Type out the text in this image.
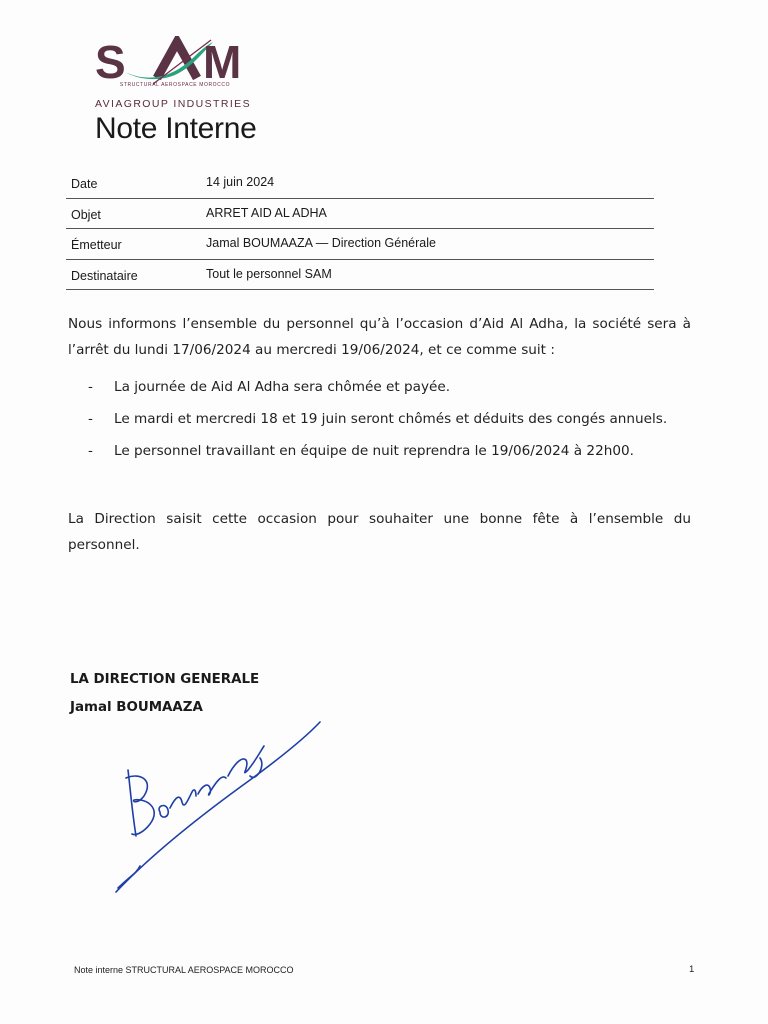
S M
STRUCTURAL AEROSPACE MOROCCO
AVIAGROUP INDUSTRIES
Note Interne
Date	14 juin 2024
Objet	ARRET AID AL ADHA
Émetteur	Jamal BOUMAAZA — Direction Générale
Destinataire	Tout le personnel SAM
Nous informons l’ensemble du personnel qu’à l’occasion d’Aid Al Adha, la société sera à l’arrêt du lundi 17/06/2024 au mercredi 19/06/2024, et ce comme suit :
- La journée de Aid Al Adha sera chômée et payée.
- Le mardi et mercredi 18 et 19 juin seront chômés et déduits des congés annuels.
- Le personnel travaillant en équipe de nuit reprendra le 19/06/2024 à 22h00.
La Direction saisit cette occasion pour souhaiter une bonne fête à l’ensemble du personnel.
LA DIRECTION GENERALE
Jamal BOUMAAZA
Note interne STRUCTURAL AEROSPACE MOROCCO	1
